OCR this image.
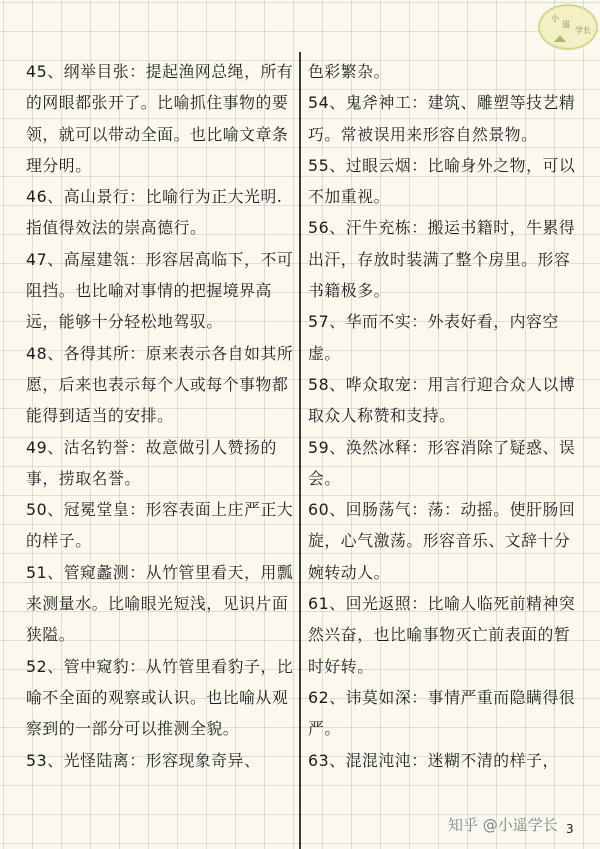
小
遥
学长

45、纲举目张：提起渔网总绳，所有的网眼都张开了。比喻抓住事物的要领，就可以带动全面。也比喻文章条理分明。

46、高山景行：比喻行为正大光明.指值得效法的崇高德行。

47、高屋建瓴：形容居高临下，不可阻挡。也比喻对事情的把握境界高远，能够十分轻松地驾驭。

48、各得其所：原来表示各自如其所愿，后来也表示每个人或每个事物都能得到适当的安排。

49、沽名钓誉：故意做引人赞扬的事，捞取名誉。

50、冠冕堂皇：形容表面上庄严正大的样子。

51、管窥蠡测：从竹管里看天，用瓢来测量水。比喻眼光短浅，见识片面狭隘。

52、管中窥豹：从竹管里看豹子，比喻不全面的观察或认识。也比喻从观察到的一部分可以推测全貌。

53、光怪陆离：形容现象奇异、

色彩繁杂。

54、鬼斧神工：建筑、雕塑等技艺精巧。常被误用来形容自然景物。

55、过眼云烟：比喻身外之物，可以不加重视。

56、汗牛充栋：搬运书籍时，牛累得出汗，存放时装满了整个房里。形容书籍极多。

57、华而不实：外表好看，内容空虚。

58、哗众取宠：用言行迎合众人以博取众人称赞和支持。

59、涣然冰释：形容消除了疑惑、误会。

60、回肠荡气：荡：动摇。使肝肠回旋，心气激荡。形容音乐、文辞十分婉转动人。

61、回光返照：比喻人临死前精神突然兴奋，也比喻事物灭亡前表面的暂时好转。

62、讳莫如深：事情严重而隐瞒得很严。

63、混混沌沌：迷糊不清的样子，

知乎 @小遥学长 3
